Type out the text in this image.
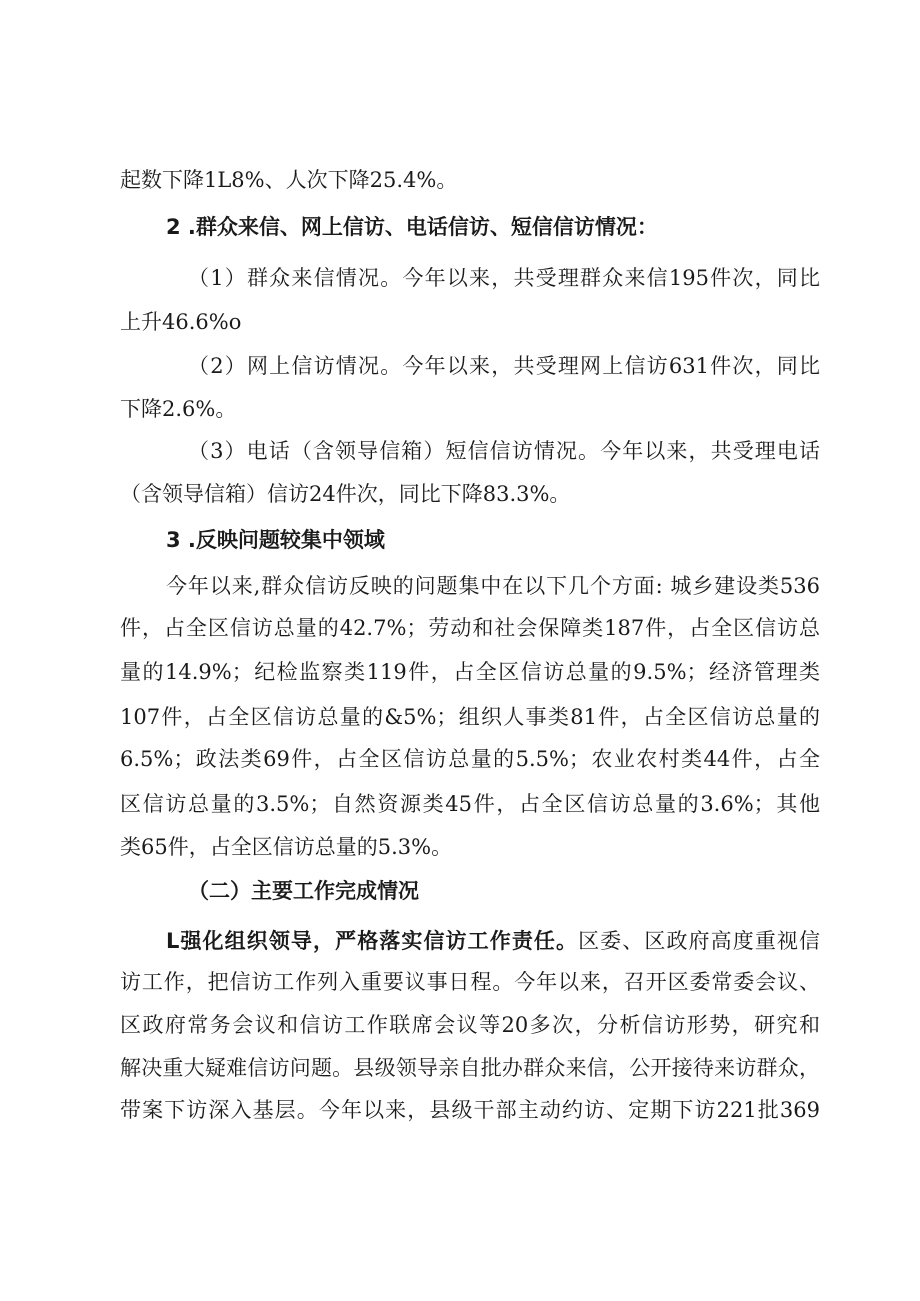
起数下降1L8%、人次下降25.4%。
2 .群众来信、网上信访、电话信访、短信信访情况：
（1）群众来信情况。今年以来，共受理群众来信195件次，同比
上升46.6%o
（2）网上信访情况。今年以来，共受理网上信访631件次，同比
下降2.6%。
（3）电话（含领导信箱）短信信访情况。今年以来，共受理电话
（含领导信箱）信访24件次，同比下降83.3%。
3 .反映问题较集中领域
今年以来,群众信访反映的问题集中在以下几个方面: 城乡建设类536
件，占全区信访总量的42.7%；劳动和社会保障类187件，占全区信访总
量的14.9%；纪检监察类119件，占全区信访总量的9.5%；经济管理类
107件，占全区信访总量的&5%；组织人事类81件，占全区信访总量的
6.5%；政法类69件，占全区信访总量的5.5%；农业农村类44件，占全
区信访总量的3.5%；自然资源类45件，占全区信访总量的3.6%；其他
类65件，占全区信访总量的5.3%。
（二）主要工作完成情况
L强化组织领导，严格落实信访工作责任。区委、区政府高度重视信
访工作，把信访工作列入重要议事日程。今年以来，召开区委常委会议、
区政府常务会议和信访工作联席会议等20多次，分析信访形势，研究和
解决重大疑难信访问题。县级领导亲自批办群众来信，公开接待来访群众，
带案下访深入基层。今年以来，县级干部主动约访、定期下访221批369
